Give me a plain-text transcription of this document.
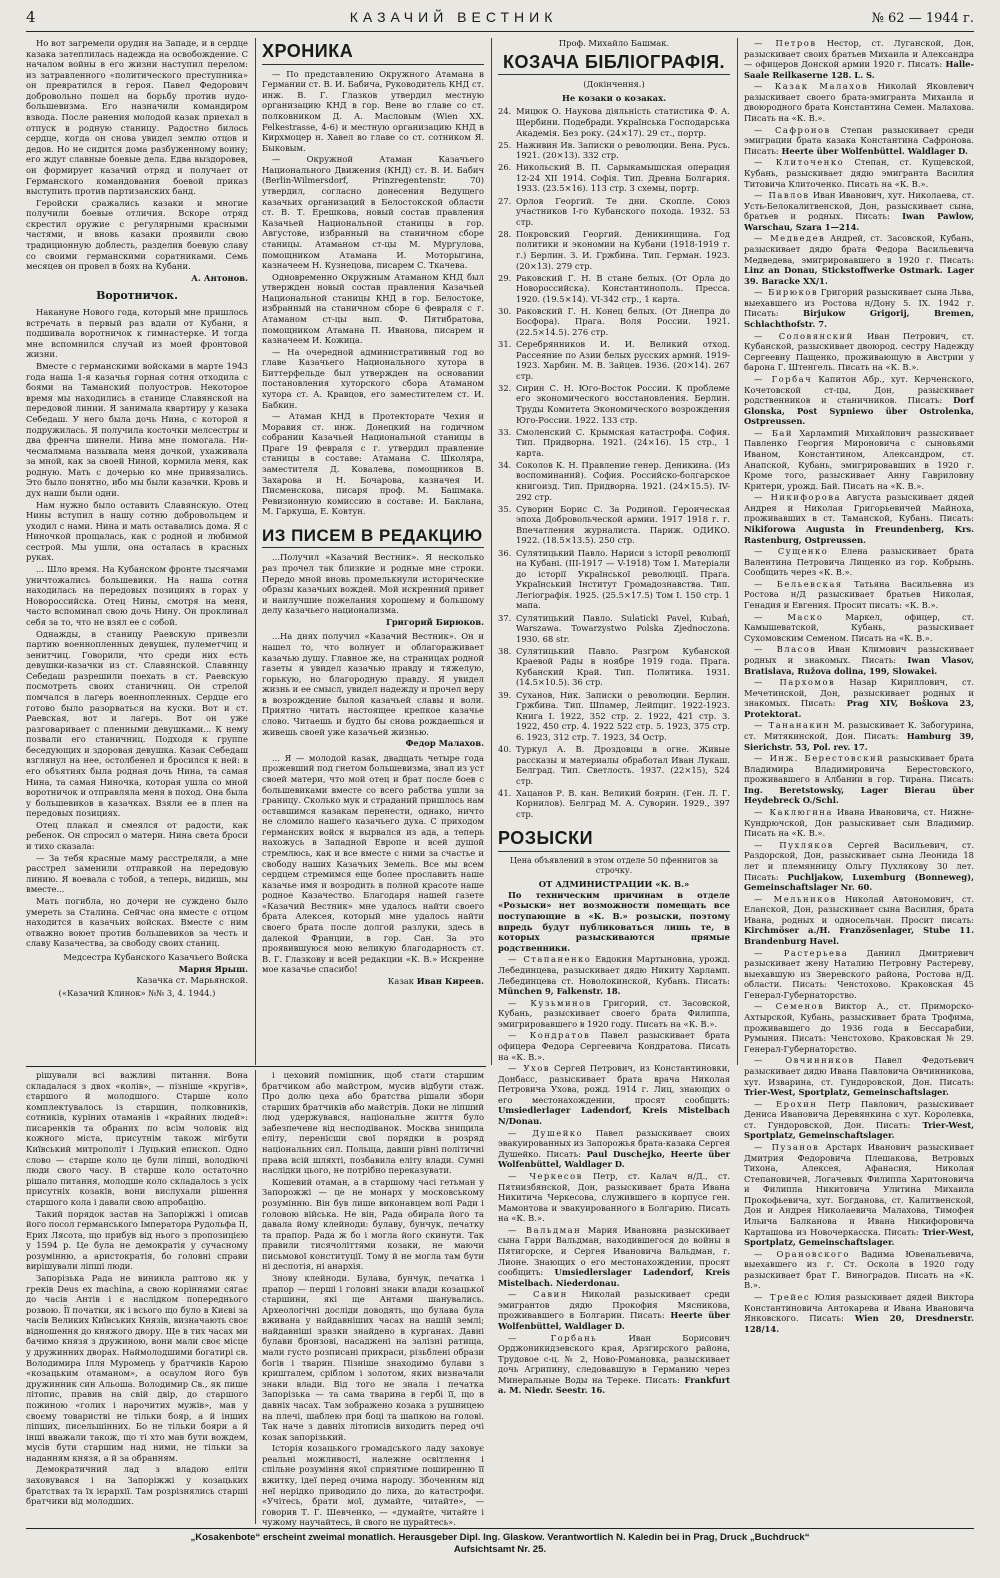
4	КАЗАЧИЙ ВЕСТНИК	№ 62 — 1944 г.

Но вот загремели орудия на Западе, и в сердце казака затеплилась надежда на освобождение. С началом войны в его жизни наступил перелом: из затравленного «политического преступника» он превратился в героя. Павел Федорович добровольно пошел на борьбу против иудо-большевизма. Его назначили командиром взвода. После ранения молодой казак приехал в отпуск в родную станицу. Радостно билось сердце, когда он снова увидел землю отцов и дедов. Но не сидится дома разбуженному воину; его ждут славные боевые дела. Едва выздоровев, он формирует казачий отряд и получает от Германского командования боевой приказ выступить против партизанских банд.

Геройски сражались казаки и многие получили боевые отличия. Вскоре отряд скрестил оружие с регулярными красными частями, и вновь казаки проявили свою традиционную доблесть, разделив боевую славу со своими германскими соратниками. Семь месяцев он провел в боях на Кубани.

А. Антонов.
Воротничок.

Накануне Нового года, который мне пришлось встречать в первый раз вдали от Кубани, я подшивала воротничок к гимнастерке. И тогда мне вспомнился случай из моей фронтовой жизни.

Вместе с германскими войсками в марте 1943 года наша 1-я казачья горная сотня отходила с боями на Таманский полуостров. Некоторое время мы находились в станице Славянской на передовой линии. Я занимала квартиру у казака Себедаш. У него была дочь Нина, с которой я подружилась. Я получила косточки мелсестры и два френча шинели. Нина мне помогала. Ни-чесмалмама называла меня дочкой, ухаживала за мной, как за своей Ниной, кормила меня, как родную. Мать с дочерью ко мне привязались. Это было понятно, ибо мы были казачки. Кровь и дух наши были одни.

Нам нужно было оставить Славянскую. Отец Нины вступил в нашу сотню добровольцем и уходил с нами. Нина и мать оставались дома. Я с Ниночкой прощалась, как с родной и любимой сестрой. Мы ушли, она осталась в красных руках.

... Шло время. На Кубанском фронте тысячами уничтожались большевики. На наша сотня находилась на передовых позициях в горах у Новороссийска. Отец Нины, смотря на меня, часто вспоминал свою дочь Нину. Он проклинал себя за то, что не взял ее с собой.

Однажды, в станицу Раевскую привезли партию военнопленных девушек, пулеметчиц и зенитчиц. Говорили, что среди них есть девушки-казачки из ст. Славянской. Славянцу Себедаш разрешили поехать в ст. Раевскую посмотреть своих станичниц. Он стрелой помчался в лагерь военнопленных. Сердце его готово было разорваться на куски. Вот и ст. Раевская, вот и лагерь. Вот он уже разговаривает с пленными девушками... К нему позвали его станичниц. Подходя к группе беседующих и здоровая девушка. Казак Себедаш взглянул на нее, остолбенел и бросился к ней: в его объятиях была родная дочь Нина, та самая Нина, та самая Ниночка, которая ушла со мной воротничок и отправляла меня в поход. Она была у большевиков в казачках. Взяли ее в плен на передовых позициях.

Отец плакал и смеялся от радости, как ребенок. Он спросил о матери. Нина света броси и тихо сказала:

— За тебя красные маму расстреляли, а мне расстрел заменили отправкой на передовую линию. Я воевала с тобой, а теперь, видишь, мы вместе...

Мать погибла, но дочери не суждено было умереть за Сталина. Сейчас она вместе с отцом находится в казачьих войсках. Вместе с ним отважно воюет против большевиков за честь и славу Казачества, за свободу своих станиц.

Медсестра Кубанского Казачьего Войска
Мария Ярыш.
Казачка ст. Марьянской.
(«Казачий Клинок» №№ 3, 4. 1944.)
ХРОНИКА

— По представлению Окружного Атамана в Германии ст. В. И. Бабича, Руководитель КНД ст. инж. В. Г. Глазков утвердил местную организацию КНД в гор. Вене во главе со ст. полковником Д. А. Масловым (Wien XX. Felkestrasse, 4-6) и местную организацию КНД в Кирхмоцер н. Хавел во главе со ст. сотником Я. Быковым.

— Окружной Атаман Казачьего Национального Движения (КНД) ст. В. И. Бабич (Berlin-Wilmersdorf, Prinzregentenstr. 70) утвердил, согласно донесения Ведущего казачьих организаций в Белостокской области ст. В. Т. Ерешкова, новый состав правления Казачьей Национальной станицы в гор. Августове, избранный на станичном сборе станицы. Атаманом ст-цы М. Мургулова, помощником Атамана И. Моторыгина, казначеем Н. Кузнецова, писарем С. Ткачева.

Одновременно Окружным Атаманом КНД был утвержден новый состав правления Казачьей Национальной станицы КНД в гор. Белостоке, избранный на станичном сборе 6 февраля с г. Атаманом ст-цы вып. Ф. Пятибратова, помощником Атамана П. Иванова, писарем и казначеем И. Кожица.

— На очередной административный год во главе Казачьего Национального хутора в Биттерфельде был утвержден на основании постановления хуторского сбора Атаманом хутора ст. А. Кравцов, его заместителем ст. И. Бабкин.

— Атаман КНД в Протекторате Чехия и Моравия ст. инж. Донецкий на годичном собрании Казачьей Национальной станицы в Праге 19 февраля с г. утвердил правление станицы в составе: Атамана С. Школяра, заместителя Д. Ковалева, помощников В. Захарова и Н. Бочарова, казначея И. Писменскова, писаря проф. М. Башмака. Ревизионную комиссию в составе: И. Баклана, М. Гаркуша, Е. Ковтун.

ИЗ ПИСЕМ В РЕДАКЦИЮ

...Получил «Казачий Вестник». Я несколько раз прочел так близкие и родные мне строки. Передо мной вновь промелькнули исторические образы казачьих вождей. Мой искренний привет и наилучшие пожелания хорошему и большому делу казачьего национализма.

Григорий Бирюков.

...На днях получил «Казачий Вестник». Он и нашел то, что волнует и облагораживает казачью душу. Главное же, на страницах родной газеты я увидел казачью правду и тяжелую, горькую, но благородную правду. Я увидел жизнь и ее смысл, увидел надежду и прочел веру в возрождение былой казачьей славы и воли. Приятно читать настоящее крепкое казачье слово. Читаешь и будто бы снова рождаешься и живешь своей уже казачьей жизнью.

Федор Малахов.

... Я — молодой казак, двадцать четыре года прожевший под гнетом большевизма, знал из уст своей матери, что мой отец и брат после боев с большевиками вместе со всего рабства ушли за границу. Сколько мук и страданий пришлось нам оставшимся казакам перенести, однако, ничто не сломило нашего казачьего духа. С приходом германских войск я вырвался из ада, а теперь нахожусь в Западной Европе и всей душой стремлюсь, как и все вместе с ними за счастье и свободу наших Казачьих Земель. Все мы всем сердцем стремимся еще более прославить наше казачье имя и возродить в полной красоте наше родное Казачество. Благодаря нашей газете «Казачий Вестник» мне удалось найти своего брата Алексея, который мне удалось найти своего брата после долгой разлуки, здесь в далекой Франции, в гор. Сан. За это проявившуюся мою великую благодарность ст. В. Г. Глазкову и всей редакции «К. В.» Искренне мое казачье спасибо!

Казак Иван Киреев.
Проф. Михайло Башмак.
КОЗАЧА БІБЛІОГРАФІЯ.
(Докінчення.)
Не козаки о козаках.
24. Мицюк О. Наукова діяльність статистика Ф. А. Щербини. Подебради. Українська Господарська Академія. Без року. (24×17). 29 ст., портр.
25. Наживин Ив. Записки о революции. Вена. Русь. 1921. (20×13). 332 стр.
26. Никольский В. П. Сарыкамышская операция 12-24 XII 1914. Софія. Тип. Древна Болгария. 1933. (23.5×16). 113 стр. 3 схемы, портр.
27. Орлов Георгий. Те дни. Скопле. Союз участников I-го Кубанского похода. 1932. 53 стр.
28. Покровский Георгий. Деникинщина. Год политики и экономии на Кубани (1918-1919 г. г.) Берлин. З. И. Гржбина. Тип. Герман. 1923. (20×13). 279 стр.
29. Раковский Г. Н. В стане белых. (От Орла до Новороссийска). Константинополь. Пресса. 1920. (19.5×14). VI-342 стр., 1 карта.
30. Раковский Г. Н. Конец белых. (От Днепра до Босфора). Прага. Воля России. 1921. (22.5×14.5). 276 стр.
31. Серебрянников И. И. Великий отход. Рассеяние по Азии белых русских армий. 1919-1923. Харбин. М. В. Зайцев. 1936. (20×14). 267 стр.
32. Сирин С. Н. Юго-Восток России. К проблеме его экономического восстановления. Берлин. Труды Комитета Экономического возрождения Юго-России. 1922. 133 стр.
33. Смоленский С. Крымская катастрофа. София. Тип. Придворна. 1921. (24×16). 15 стр., 1 карта.
34. Соколов К. Н. Правление генер. Деникина. (Из воспоминаний). София. Российско-болгарское книгоизд. Тип. Придворна. 1921. (24×15.5). IV-292 стр.
35. Суворин Борис С. За Родиной. Героическая эпоха Добровольческой армии. 1917 1918 г. г. Впечатления журналиста. Париж. ОДИКО. 1922. (18.5×13.5). 250 стр.
36. Сулятицький Павло. Нариси з історії революції на Кубані. (III-1917 — V-1918) Том I. Матеріали до історії Української революції. Прага. Український Інститут Громадознавства. Тип. Легіографія. 1925. (25.5×17.5) Том I. 150 стр. 1 мапа.
37. Сулятицький Павло. Sulaticki Pavel, Kubań, Warszawa. Towarzystwo Polska Zjednoczona. 1930. 68 str.
38. Сулятицький Павло. Разгром Кубанской Краевой Рады в ноябре 1919 года. Прага. Кубанский Край. Тип. Политика. 1931. (14.5×10.5). 36 стр.
39. Суханов, Ник. Записки о революции. Берлин. Гржбина. Тип. Шпамер, Лейпциг. 1922-1923. Книга I. 1922, 352 стр. 2. 1922, 421 стр. 3. 1922, 450 стр. 4. 1922 522 стр. 5. 1923, 375 стр. 6. 1923, 312 стр. 7. 1923, 34 Остр.
40. Туркул А. В. Дроздовцы в огне. Живые рассказы и материалы обработал Иван Лукаш. Белград. Тип. Светлость. 1937. (22×15), 524 стр.
41. Хацанов Р. В. кан. Великий боярин. (Ген. Л. Г. Корнилов). Белград М. А. Суворин. 1929., 397 стр.
РОЗЫСКИ
Цена объявлений в этом отделе 50 пфеннигов за строчку.
ОТ АДМИНИСТРАЦИИ «К. В.»

По техническим причинам в отделе «Розыски» нет возможности помещать все поступающие в «К. В.» розыски, поэтому впредь будут публиковаться лишь те, в которых разыскиваются прямые родственники.

— Стапаненко Евдокия Мартыновна, урожд. Лебединцева, разыскивает дядю Никиту Харламп. Лебединцева ст. Новолокинской, Кубань. Писать: München 9, Falkenstr. 18.

— Кузьминов Григорий, ст. Засовской, Кубань, разыскивает своего брата Филиппа, эмигрировавшего в 1920 году. Писать на «К. В.».

— Кондратов Павел разыскивает брата офицера Федора Сергеевича Кондратова. Писать на «К. В.».

— Ухов Сергей Петрович, из Константиновки, Донбасс, разыскивает брата врача Николая Петровича Ухова, рожд. 1914 г. Лиц, знающих о его местонахождении, просят сообщить: Umsiedlerlager Ladendorf, Kreis Mistelbach N/Donau.

— Душейко Павел разыскивает своих эвакуированных из Запорожья брата-казака Сергея Душейко. Писать: Paul Duschejko, Heerte über Wolfenbüttel, Waldlager D.

— Черкесов Петр, ст. Калач н/Д., ст. Пятиизбянской, Дон, разыскивает брата Ивана Никитича Черкесова, служившего в корпусе ген. Мамонтова и эвакуированного в Болгарию. Писать на «К. В.».

— Вальдман Мария Ивановна разыскивает сына Гарри Вальдман, находившегося до войны в Пятигорске, и Сергея Ивановича Вальдман, г. Лионе. Знающих о его местонахождении, просят сообщить: Umsiedlerslager Ladendorf, Kreis Mistelbach. Niederdonau.

— Савин Николай разыскивает среди эмигрантов дядю Прокофия Мясникова, проживавшего в Болгарии. Писать: Heerte über Wolfenbüttel, Waldlager D.

— Горбань Иван Борисович Орджоникидзевского края, Арзгирского района, Трудовое с-ц. № 2, Ново-Романовка, разыскивает дочь Агрипину, следовавшую в Германию через Минеральные Воды на Тереке. Писать: Frankfurt a. M. Niedr. Seestr. 16.

— Петров Нестор, ст. Луганской, Дон, разыскивает своих братьев Михаила и Александра — офицеров Донской армии 1920 г. Писать: Halle-Saale Reilkaserne 128. L. S.

— Казак Малахов Николай Яковлевич разыскивает своего брата-эмигранта Михаила и двоюродного брата Константина Семен. Малахова. Писать на «К. В.».

— Сафронов Степан разыскивает среди эмиграции брата казака Константина Сафронова. Писать: Heerte über Wolfenbüttel. Waldlager D.

— Клиточенко Степан, ст. Кущевской, Кубань, разыскивает дядю эмигранта Василия Титовича Клиточенко. Писать на «К. В.».

— Павлов Иван Иванович, хут. Николаева, ст. Усть-Белокалитвенской, Дон, разыскивает сына, братьев и родных. Писать: Iwan Pawlow, Warschau, Szara 1—214.

— Медведев Андрей, ст. Засовской, Кубань, разыскивает дядю брата Федора Васильевича Медведева, эмигрировавшего в 1920 г. Писать: Linz an Donau, Stickstoffwerke Ostmark. Lager 39. Baracke XX/1.

— Бирюков Григорий разыскивает сына Льва, выехавшего из Ростова н/Дону 5. IX. 1942 г. Писать: Birjukow Grigorij, Bremen, Schlachthofstr. 7.

— Соловянский Иван Петрович, ст. Кубанской, разыскивает двоюрод. сестру Надежду Сергеевну Пащенко, проживающую в Австрии у барона Г. Штенгель. Писать на «К. В.».

— Горбач Капитон Абр., хут. Керченского, Кочетовской ст-цы, Дон, разыскивает родственников и станичников. Писать: Dorf Glonska, Post Sypniewo über Ostrolenka, Ostpreussen.

— Бай Харлампий Михайлович разыскивает Павленко Георгия Мироновича с сыновьями Иваном, Константином, Александром, ст. Анапской, Кубань, эмигрировавших в 1920 г. Кроме того, разыскивает Анну Гавриловну Критери, урожд. Бай. Писать на «К. В.».

— Никифорова Августа разыскивает дядей Андрея и Николая Григорьевичей Майноха, проживавших в ст. Таманской, Кубань. Писать: Nikiforowa Augusta in Freundenberg, Krs. Rastenburg, Ostpreussen.

— Сущенко Елена разыскивает брата Валентина Петровича Лищенко из гор. Кобрынь. Сообщить через «К. В.».

— Бельевская Татьяна Васильевна из Ростова н/Д разыскивает братьев Николая, Генадия и Евгения. Просит писать: «К. В.».

— Маско Маркел, офицер, ст. Камышеватской, Кубань, разыскивает Сухомовским Семеном. Писать на «К. В.».

— Власов Иван Климович разыскивает родных и знакомых. Писать: Iwan Vlasov, Bratislava, Ružova dolina, 199, Slowakei.

— Пархомов Назар Кириллович, ст. Мечетинской, Дон, разыскивает родных и знакомых. Писать: Prag XIV, Boškova 23, Protektorat.

— Тананакин М. разыскивает К. Забогурина, ст. Митякинской, Дон. Писать: Hamburg 39, Sierichstr. 53, Pol. rev. 17.

— Инж. Берестовский разыскивает брата Владимира Владимировича Берестовского, проживавшего в Албании в гор. Тирана. Писать: Ing. Beretstowsky, Lager Bierau über Heydebreck O./Schl.

— Каклюгина Ивана Ивановича, ст. Нижне-Кундрючской, Дон разыскивает сын Владимир. Писать на «К. В.».

— Пухляков Сергей Васильевич, ст. Раздорской, Дон, разыскивает сына Леонида 18 лет и племянницу Ольгу Пухлякову 30 лет. Писать: Puchljakow, Luxemburg (Bonneweg), Gemeinschaftslager Nr. 60.

— Мельников Николай Автономович, ст. Еланской, Дон, разыскивает сына Василия, брата Ивана, родных и односельчан. Просит писать: Kirchmöser a./H. Französenlager, Stube 11. Brandenburg Havel.

— Растерьева Даниил Дмитриевич разыскивает жену Наталию Петровну Растереву, выехавшую из Зверевского района, Ростова н/Д. области. Писать: Ченстохово. Краковская 45 Генерал-Губернаторство.

— Семенов Виктор А., ст. Приморско-Ахтырской, Кубань, разыскивает брата Трофима, проживавшего до 1936 года в Бессарабии, Румыния. Писать: Ченстохово. Краковская № 29. Генерал-Губернаторство.

— Овчинников Павел Федотьевич разыскивает дядю Ивана Павловича Овчинникова, хут. Изварина, ст. Гундоровской, Дон. Писать: Trier-West, Sportplatz, Gemeinschaftslager.

— Ерохин Петр Павлович, разыскивает Дениса Ивановича Деревянкина с хут. Королевка, ст. Гундоровской, Дон. Писать: Trier-West, Sportplatz, Gemeinschaftslager.

— Пузанов Арстарх Иванович разыскивает Дмитрия Федоровича Плешакова, Ветровых Тихона, Алексея, Афанасия, Николая Степановичей, Логачевых Филиппа Харитоновича и Филиппа Никитовича Улитина Михаила Прокофьевича, хут. Богданова, ст. Калитвенской, Дон и Андрея Николаевича Малахова, Тимофея Ильича Балканова и Ивана Никифоровича Карташова из Новочеркасска. Писать: Trier-West, Sportplatz, Gemeinschaftslager.

— Орановского Вадима Ювенальевича, выехавшего из г. Ст. Оскола в 1920 году разыскивает брат Г. Виноградов. Писать на «К. В.».

— Трейес Юлия разыскивает дядей Виктора Константиновича Антокарева и Ивана Ивановича Янковского. Писать: Wien 20, Dresdnerstr. 128/14.

рішували всі важливі питання. Вона складалася з двох «колів», — пізніше «кругів», старшого й молодшого. Старше коло комплектувалось із старшин, полковників, сотників, куріних отаманів і «крайних людей»: писаренків та обраних по всім чоловік від кожного міста, присутнім також мігбути Київський митрополіт і Луцький епископ. Одно слово — старше коло це були ліпші, володіючі люди свого часу. В старше коло остаточно рішало питання, молодше коло складалось з усіх присутніх козаків, вони вислухали рішення старшого кола і давали свою апробацію.

Такий порядок застав на Запоріжжі і описав його посол германського Імператора Рудольфа II, Ерих Лясота, що прибув від нього з пропозицією у 1594 р. Це була не демократія у сучасному розумінню, а аристократія, бо головні справи вирішували ліпші люди.

Запорізька Рада не виникла раптово як у греків Deus ex machina, а свою коріннями сягає до часів Антів і є наслідком попереднього розвою. Її початки, як і всього що було в Києві за часів Великих Київських Князів, визначають своє відношення до княжого двору. Ще в тих часах ми бачимо князя з дружиною, вони мали своє місце у дружинних дворах. Наймолодшими богатирі св. Володимира Ілля Муромець у братчиків Карою «козацьким отаманом», а осаулом його був дружинник син Альоша. Володимир Св., як пише літопис, правив на свій двір, до старшого пожиною «голих і нарочитих мужів», мав у своєму товаристві не тільки бояр, а й інших ліпших, писельшінних. Бо не тільки бояри а й інші вважали також, що ті хто мав бути вождем, мусів бути старшим над ними, не тільки за наданням князя, а й за обранням.

Демократичний лад з владою еліти заховувався і на Запоріжжі у козацьких братствах та їх ієрархії. Там розрізнялись старші братчики від молодших.

і цеховий помішник, щоб стати старшим братчиком або майстром, мусив відбути стаж. Про долю цеха або братства рішали збори старших братчиків або майстрів. Доки не ліпший люд удержувався, національне життя було забезпечене від несподіванок. Москва знищила еліту, перенісши свої порядки в розряд національних сил. Польща, давши рівні політичні права всій шляхті, позбавила еліту влади. Сумні наслідки цього, не потрібно переказувати.

Кошевий отаман, а в старшому часі гетьман у Запорожжі — це не монарх у московському розумінню. Він був лише виконавцем волі Ради і головою війська. Не він, Рада обирала його та давала йому клейноди: булаву, бунчук, печатку та прапор. Рада ж бо і могла його скинути. Так правили тисячоліттями козаки, не маючи письмової конституції. Тому й не могла там бути ні деспотія, ні анархія.

Знову клейноди. Булава, бунчук, печатка і прапор — перші і головні знаки влади козацької старшини, які ще Антами шанувались. Археологічні досліди доводять, що булава була вживана у найдавніших часах на нашій землі; найдавніші зразки знайдено в курганах. Давні булави бронзові, насаджені на залізні ратища, мали густо розписані прикраси, різьблені образи богів і тварин. Пізніше знаходимо булави з кришталем, сріблом і золотом, яких визначали знаки влади. Від того не знала і печатка Запорізька — та сама тварина в гербі її, що в давніх часах. Там зображено козака з рушницею на плечі, шаблею при боці та шапкою на голові. Так наче з давніх літописів виходить перед очі козак запорізький.

Історія козацького громадського ладу заховує реальні можливості, належне освітлення і спільне розуміння якої сприятиме поширенню її вжитку, ідеї перед очима народу. Збоченням від неї нерідко приводило до лиха, до катастрофи. «Учітесь, брати мої, думайте, читайте», — говорив Т. Г. Шевченко, — «думайте, читайте і чужому научайтесь, й свого не цурайтесь».

„Kosakenbote“ erscheint zweimal monatlich. Herausgeber Dipl. Ing. Glaskow. Verantwortlich N. Kaledin bei in Prag, Druck „Buchdruck“
Aufsichtsamt Nr. 25.
